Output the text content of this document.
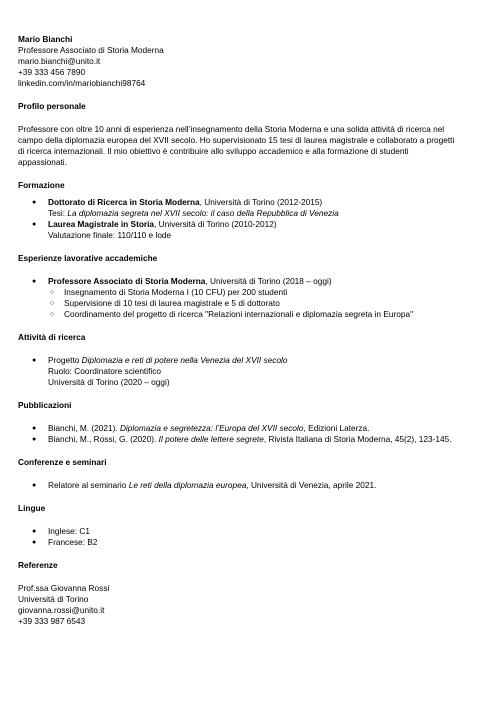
Mario Bianchi
Professore Associato di Storia Moderna
mario.bianchi@unito.it
+39 333 456 7890
linkedin.com/in/mariobianchi98764
Profilo personale

Professore con oltre 10 anni di esperienza nell’insegnamento della Storia Moderna e una solida attività di ricerca nel campo della diplomazia europea del XVII secolo. Ho supervisionato 15 tesi di laurea magistrale e collaborato a progetti di ricerca internazionali. Il mio obiettivo è contribuire allo sviluppo accademico e alla formazione di studenti appassionati.

Formazione
● Dottorato di Ricerca in Storia Moderna, Università di Torino (2012-2015)
Tesi: La diplomazia segreta nel XVII secolo: il caso della Repubblica di Venezia
● Laurea Magistrale in Storia, Università di Torino (2010-2012)
Valutazione finale: 110/110 e lode
Esperienze lavorative accademiche
● Professore Associato di Storia Moderna, Università di Torino (2018 – oggi)
○ Insegnamento di Storia Moderna I (10 CFU) per 200 studenti
○ Supervisione di 10 tesi di laurea magistrale e 5 di dottorato
○ Coordinamento del progetto di ricerca "Relazioni internazionali e diplomazia segreta in Europa"
Attività di ricerca
● Progetto Diplomazia e reti di potere nella Venezia del XVII secolo
Ruolo: Coordinatore scientifico
Università di Torino (2020 – oggi)
Pubblicazioni
● Bianchi, M. (2021). Diplomazia e segretezza: l’Europa del XVII secolo, Edizioni Laterza.
● Bianchi, M., Rossi, G. (2020). Il potere delle lettere segrete, Rivista Italiana di Storia Moderna, 45(2), 123-145.
Conferenze e seminari
● Relatore al seminario Le reti della diplomazia europea, Università di Venezia, aprile 2021.
Lingue
● Inglese: C1
● Francese: B2
Referenze
Prof.ssa Giovanna Rossi
Università di Torino
giovanna.rossi@unito.it
+39 333 987 6543
